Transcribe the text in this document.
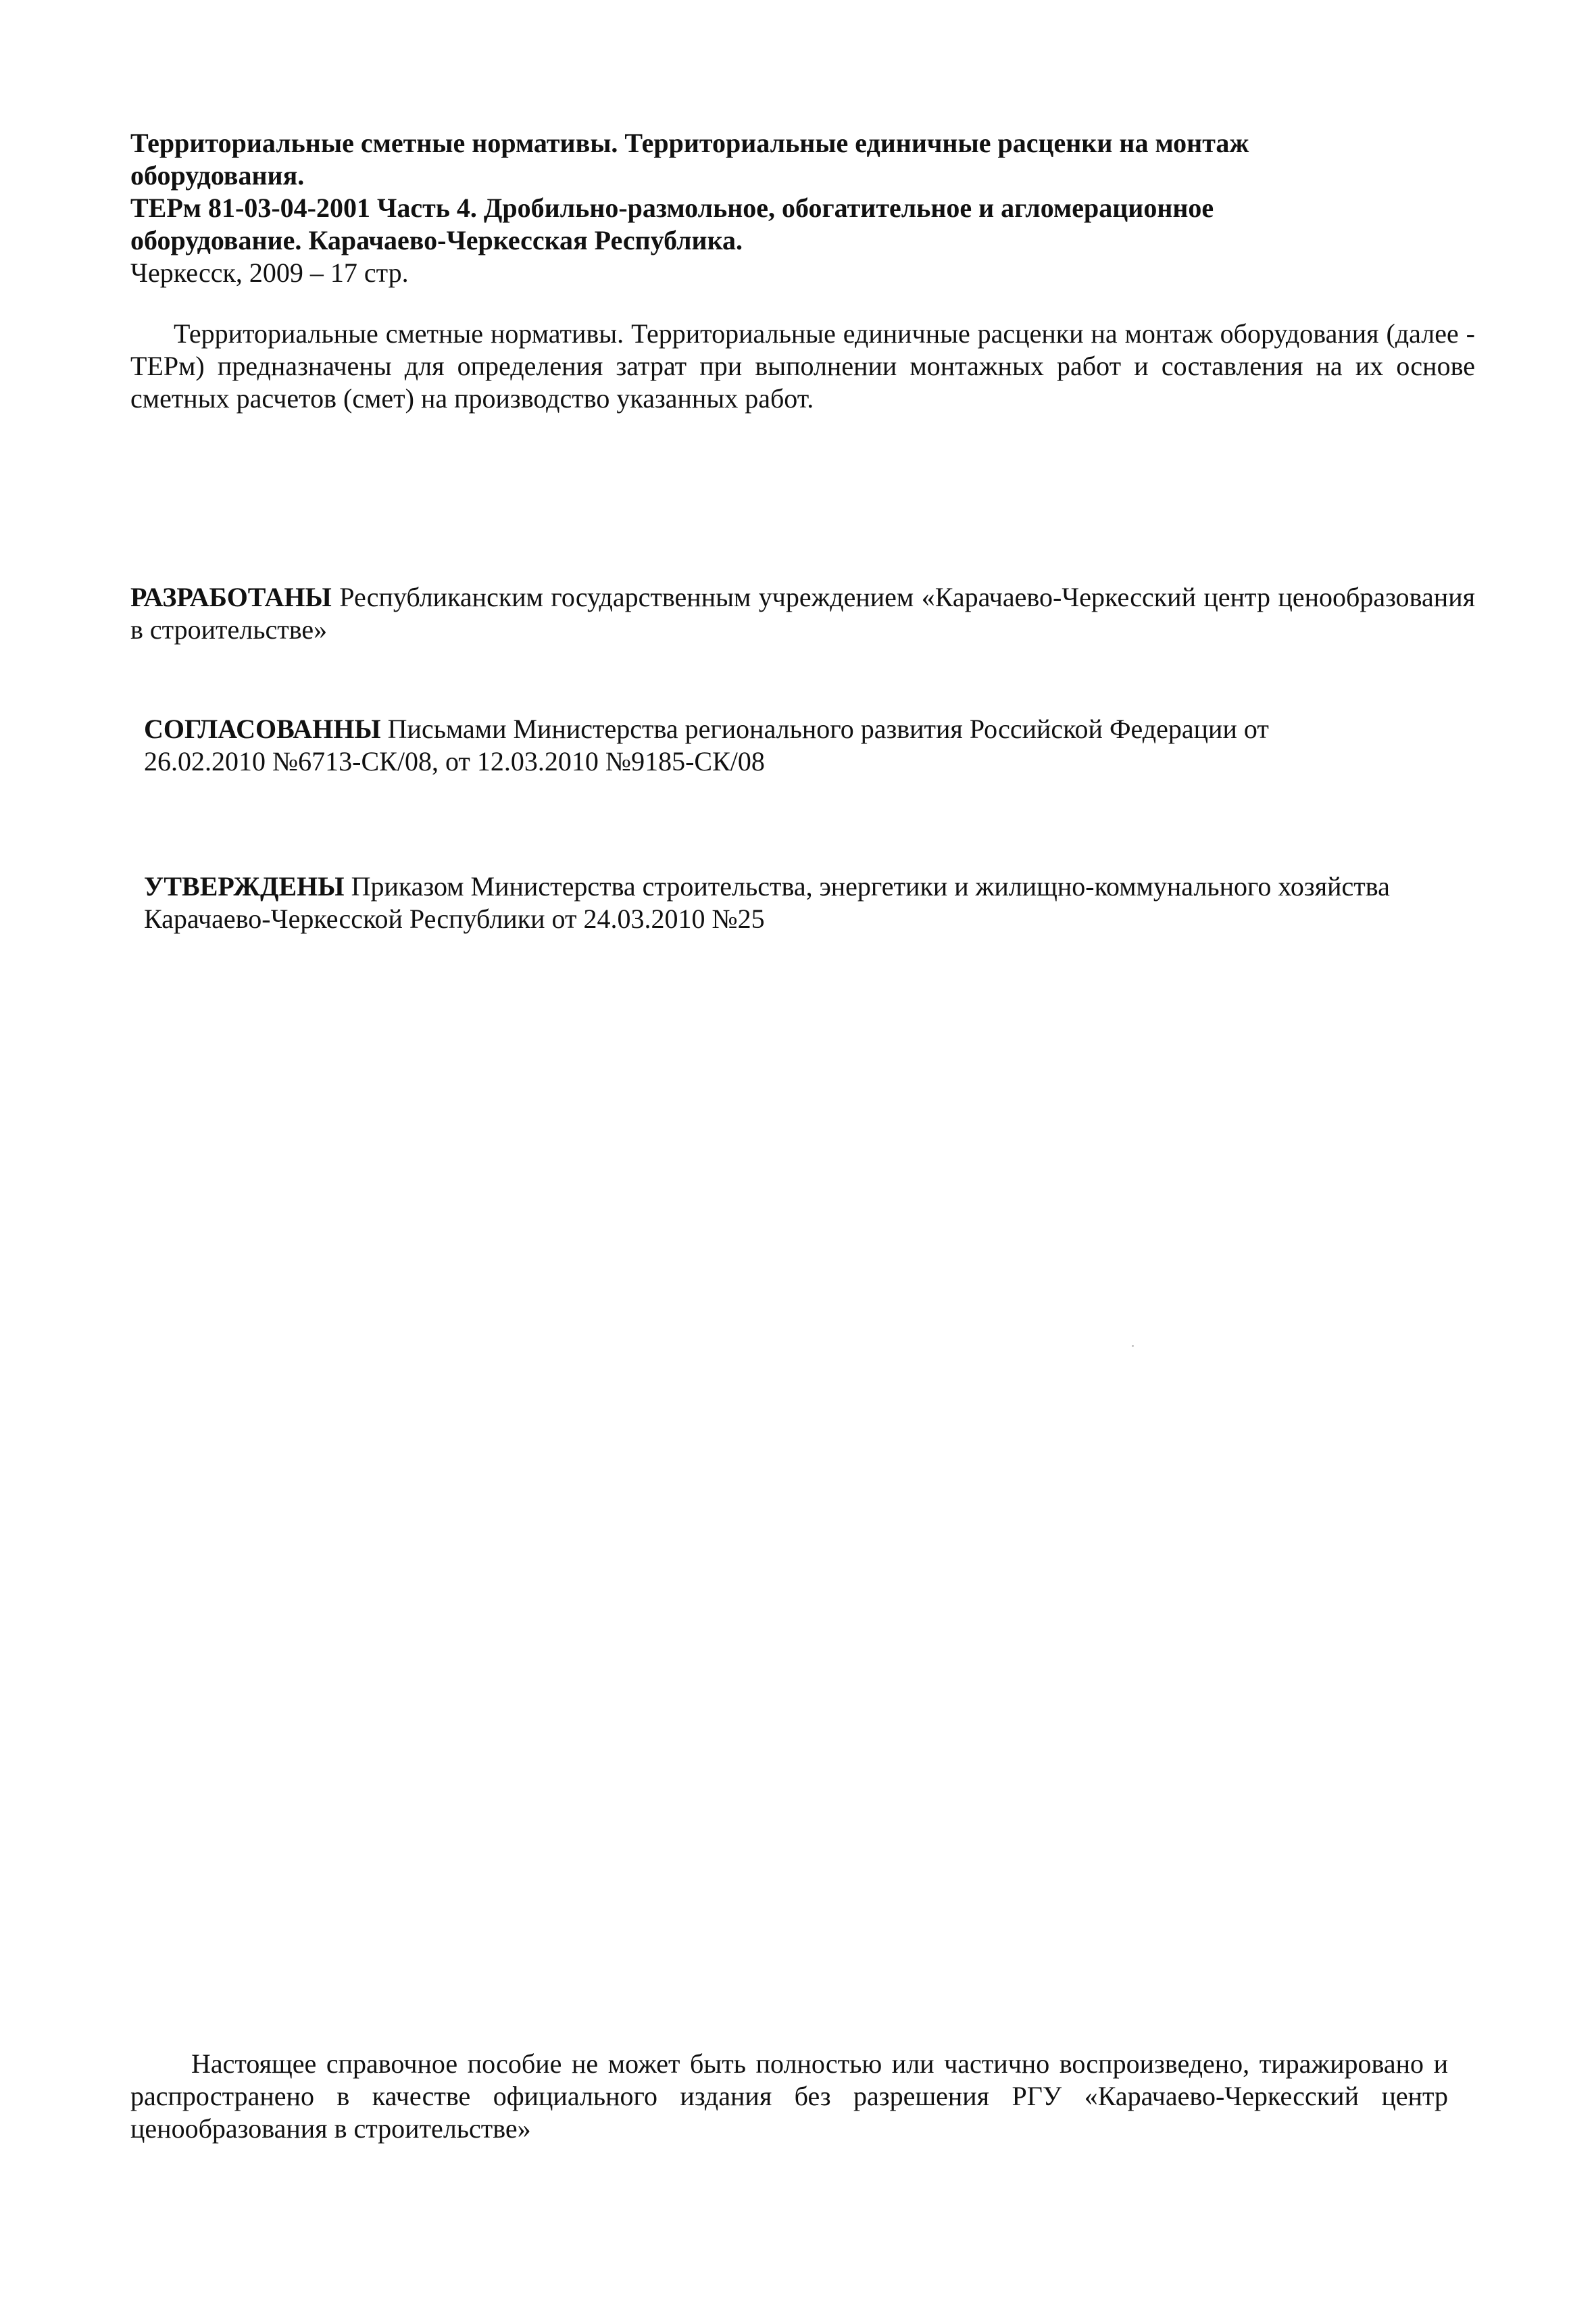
Территориальные сметные нормативы. Территориальные единичные расценки на монтаж
оборудования.
ТЕРм 81-03-04-2001 Часть 4. Дробильно-размольное, обогатительное и агломерационное
оборудование. Карачаево-Черкесская Республика.
Черкесск, 2009 – 17 стр.
Территориальные сметные нормативы. Территориальные единичные расценки на монтаж оборудования (далее - ТЕРм) предназначены для определения затрат при выполнении монтажных работ и составления на их основе сметных расчетов (смет) на производство указанных работ.
РАЗРАБОТАНЫ Республиканским государственным учреждением «Карачаево-Черкесский центр ценообразования в строительстве»
СОГЛАСОВАННЫ Письмами Министерства регионального развития Российской Федерации от
26.02.2010 №6713-СК/08, от 12.03.2010 №9185-СК/08
УТВЕРЖДЕНЫ Приказом Министерства строительства, энергетики и жилищно-коммунального хозяйства
Карачаево-Черкесской Республики от 24.03.2010 №25
Настоящее справочное пособие не может быть полностью или частично воспроизведено, тиражировано и распространено в качестве официального издания без разрешения РГУ «Карачаево-Черкесский центр ценообразования в строительстве»
